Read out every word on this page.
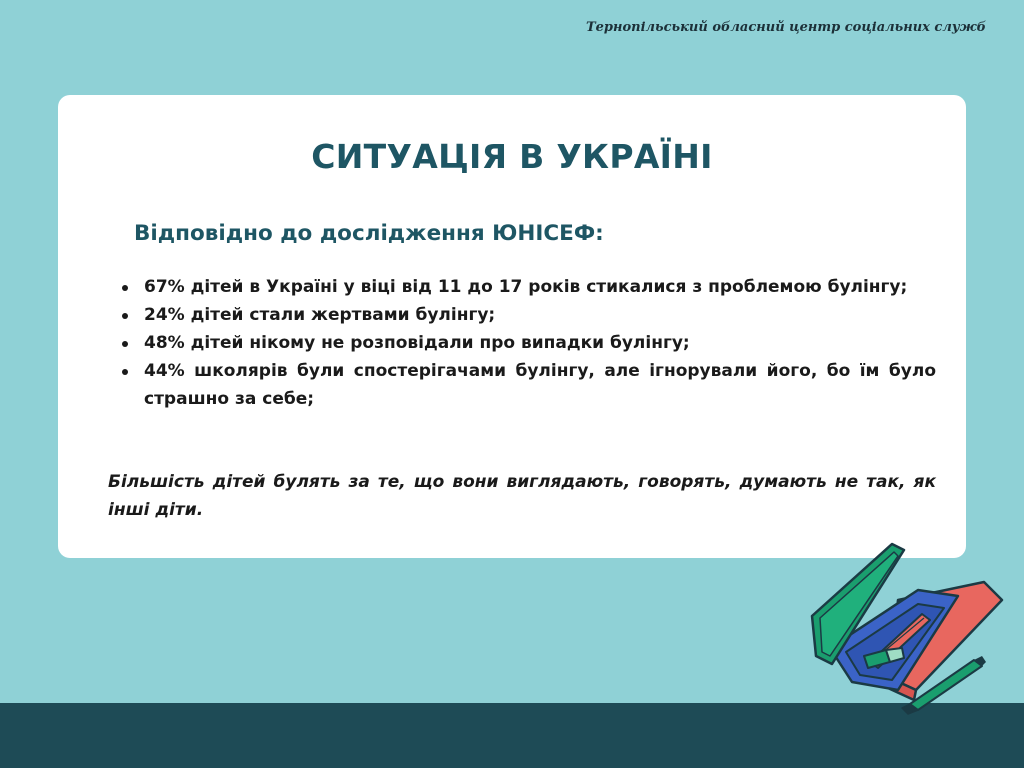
Тернопільський обласний центр соціальних служб
СИТУАЦІЯ В УКРАЇНІ
Відповідно до дослідження ЮНІСЕФ:
67% дітей в Україні у віці від 11 до 17 років стикалися з проблемою булінгу;
24% дітей стали жертвами булінгу;
48% дітей нікому не розповідали про випадки булінгу;
44% школярів були спостерігачами булінгу, але ігнорували його, бо їм було страшно за себе;

Більшість дітей булять за те, що вони виглядають, говорять, думають не так, як інші діти.
